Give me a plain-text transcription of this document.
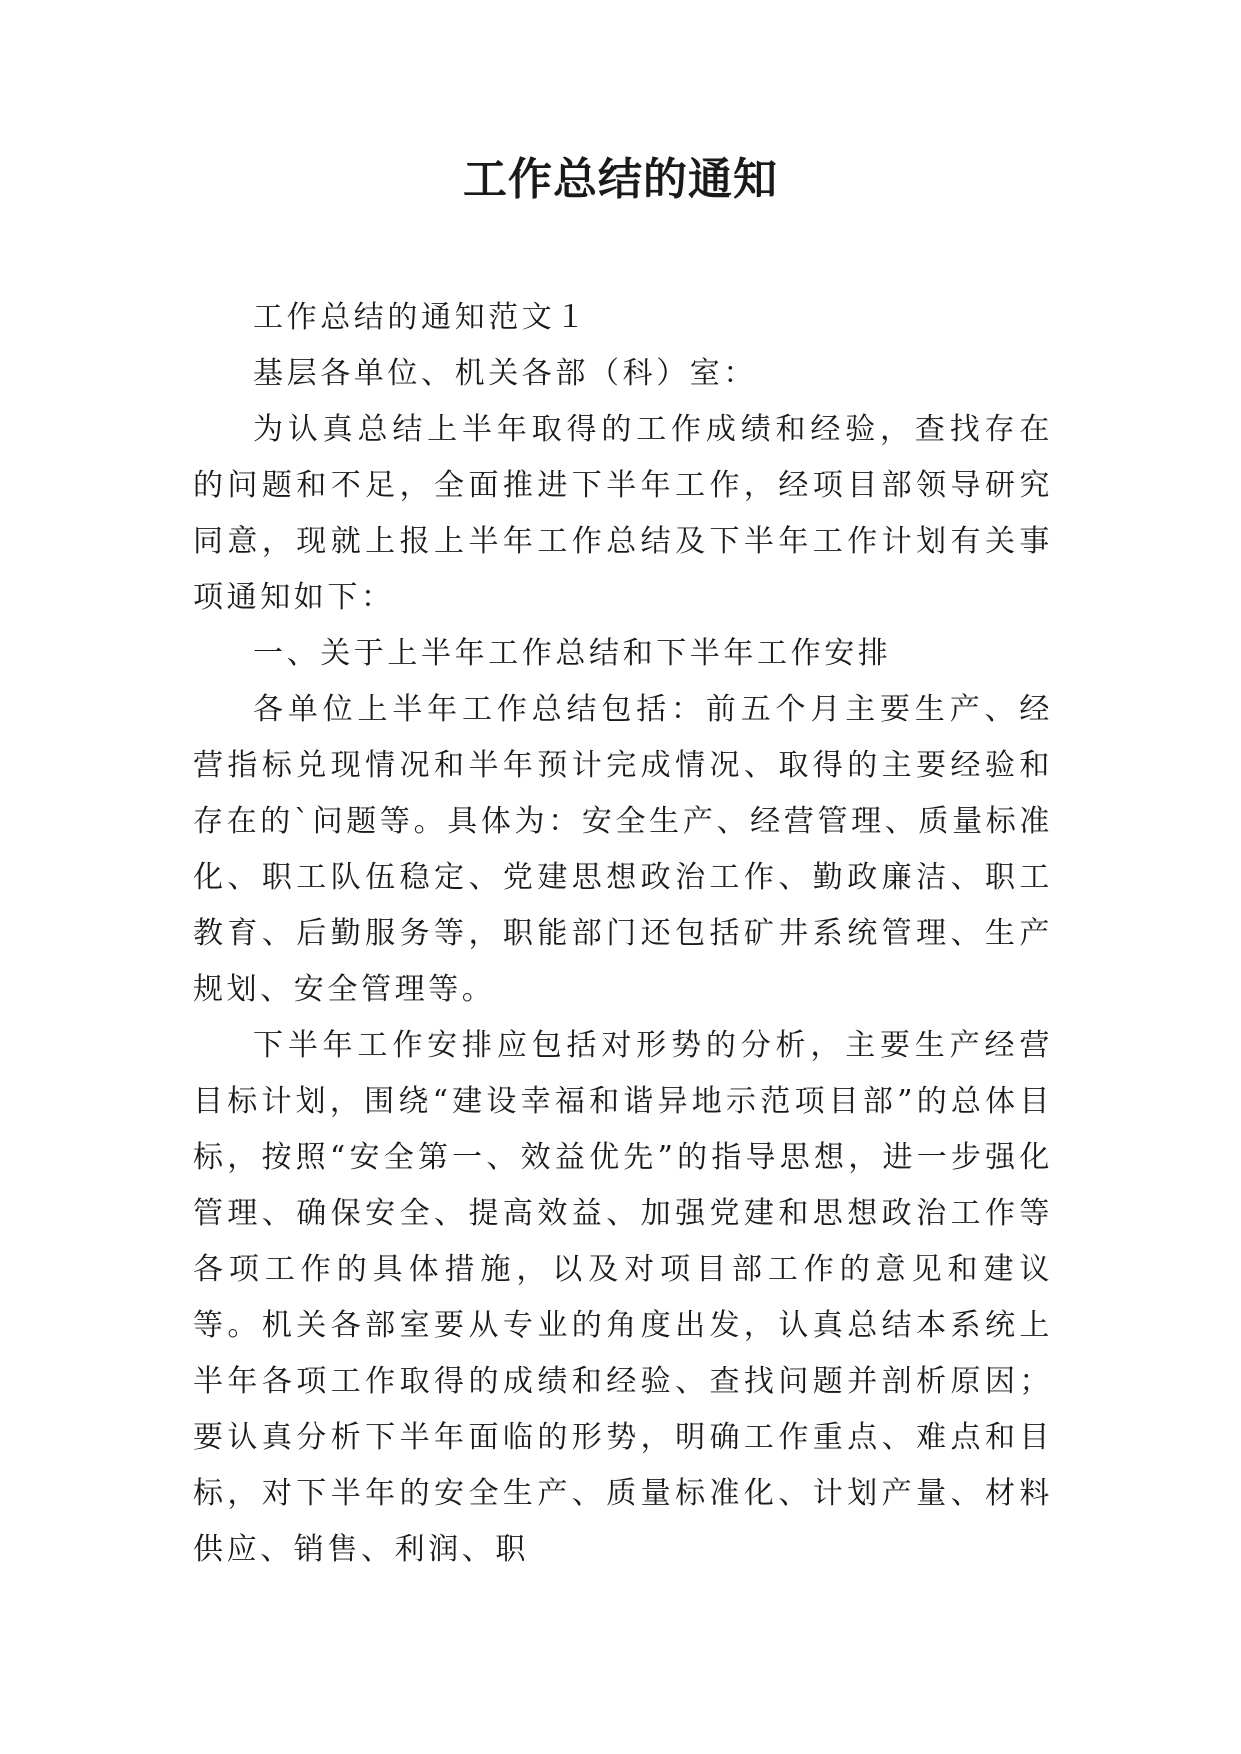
工作总结的通知

工作总结的通知范文１

基层各单位、机关各部（科）室：

为认真总结上半年取得的工作成绩和经验，查找存在的问题和不足，全面推进下半年工作，经项目部领导研究同意，现就上报上半年工作总结及下半年工作计划有关事项通知如下：

一、关于上半年工作总结和下半年工作安排

各单位上半年工作总结包括：前五个月主要生产、经营指标兑现情况和半年预计完成情况、取得的主要经验和存在的`问题等。具体为：安全生产、经营管理、质量标准化、职工队伍稳定、党建思想政治工作、勤政廉洁、职工教育、后勤服务等，职能部门还包括矿井系统管理、生产规划、安全管理等。

下半年工作安排应包括对形势的分析，主要生产经营目标计划，围绕“建设幸福和谐异地示范项目部”的总体目标，按照“安全第一、效益优先”的指导思想，进一步强化管理、确保安全、提高效益、加强党建和思想政治工作等各项工作的具体措施，以及对项目部工作的意见和建议等。机关各部室要从专业的角度出发，认真总结本系统上半年各项工作取得的成绩和经验、查找问题并剖析原因；要认真分析下半年面临的形势，明确工作重点、难点和目标，对下半年的安全生产、质量标准化、计划产量、材料供应、销售、利润、职
